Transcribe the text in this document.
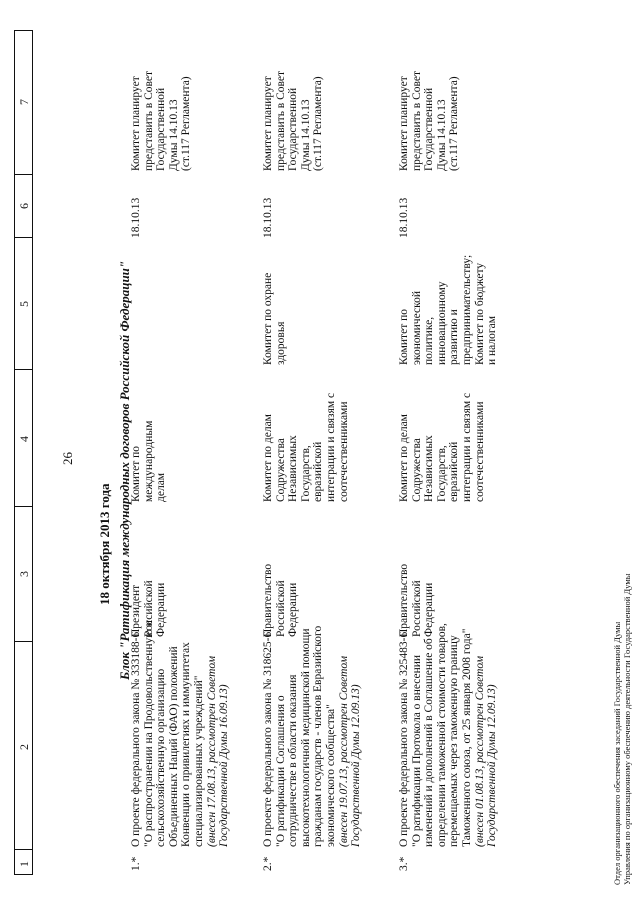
26
1
2
3
4
5
6
7
18 октября 2013 года Блок "Ратификация международных договоров Российской Федерации"
1.*
О проекте федерального закона № 333188-6 "О распространении на Продовольственную и сельскохозяйственную организацию Объединенных Наций (ФАО) положений Конвенции о привилегиях и иммунитетах специализированных учреждений" (внесен 17.08.13, рассмотрен Советом Государственной Думы 16.09.13)
Президент Российской Федерации
Комитет по международным делам
18.10.13
Комитет планирует представить в Совет Государственной Думы 14.10.13 (ст.117 Регламента)
2.*
О проекте федерального закона № 318625-6 "О ратификации Соглашения о сотрудничестве в области оказания высокотехнологичной медицинской помощи гражданам государств - членов Евразийского экономического сообщества" (внесен 19.07.13, рассмотрен Советом Государственной Думы 12.09.13)
Правительство Российской Федерации
Комитет по делам Содружества Независимых Государств, евразийской интеграции и связям с соотечественниками
Комитет по охране здоровья
18.10.13
Комитет планирует представить в Совет Государственной Думы 14.10.13 (ст.117 Регламента)
3.*
О проекте федерального закона № 325483-6 "О ратификации Протокола о внесении изменений и дополнений в Соглашение об определении таможенной стоимости товаров, перемещаемых через таможенную границу Таможенного союза, от 25 января 2008 года" (внесен 01.08.13, рассмотрен Советом Государственной Думы 12.09.13)
Правительство Российской Федерации
Комитет по делам Содружества Независимых Государств, евразийской интеграции и связям с соотечественниками
Комитет по экономической политике, инновационному развитию и предпринимательству; Комитет по бюджету и налогам
18.10.13
Комитет планирует представить в Совет Государственной Думы 14.10.13 (ст.117 Регламента)
Отдел организационного обеспечения заседаний Государственной Думы Управления по организационному обеспечению деятельности Государственной Думы
